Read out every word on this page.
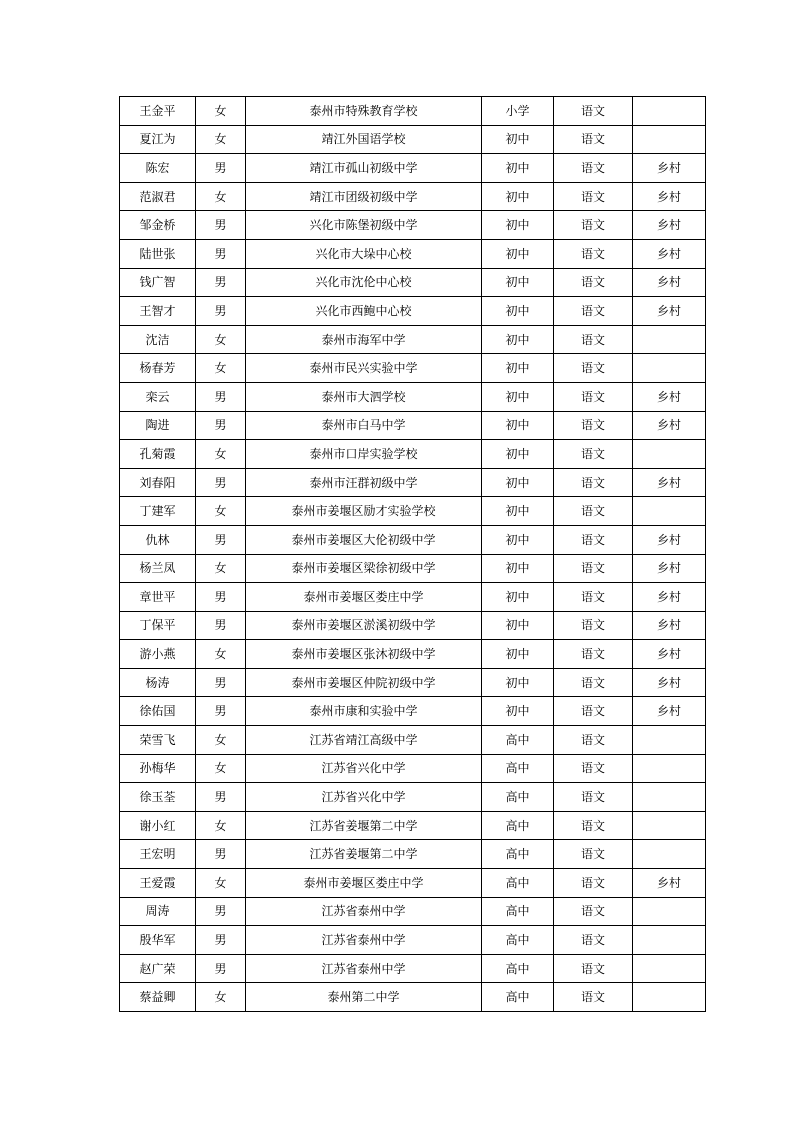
王金平	女	泰州市特殊教育学校	小学	语文	
夏江为	女	靖江外国语学校	初中	语文	
陈宏	男	靖江市孤山初级中学	初中	语文	乡村
范淑君	女	靖江市团级初级中学	初中	语文	乡村
邹金桥	男	兴化市陈堡初级中学	初中	语文	乡村
陆世张	男	兴化市大垛中心校	初中	语文	乡村
钱广智	男	兴化市沈伦中心校	初中	语文	乡村
王智才	男	兴化市西鲍中心校	初中	语文	乡村
沈洁	女	泰州市海军中学	初中	语文	
杨春芳	女	泰州市民兴实验中学	初中	语文	
栾云	男	泰州市大泗学校	初中	语文	乡村
陶进	男	泰州市白马中学	初中	语文	乡村
孔菊霞	女	泰州市口岸实验学校	初中	语文	
刘春阳	男	泰州市汪群初级中学	初中	语文	乡村
丁建军	女	泰州市姜堰区励才实验学校	初中	语文	
仇林	男	泰州市姜堰区大伦初级中学	初中	语文	乡村
杨兰凤	女	泰州市姜堰区梁徐初级中学	初中	语文	乡村
章世平	男	泰州市姜堰区娄庄中学	初中	语文	乡村
丁保平	男	泰州市姜堰区淤溪初级中学	初中	语文	乡村
游小燕	女	泰州市姜堰区张沐初级中学	初中	语文	乡村
杨涛	男	泰州市姜堰区仲院初级中学	初中	语文	乡村
徐佑国	男	泰州市康和实验中学	初中	语文	乡村
荣雪飞	女	江苏省靖江高级中学	高中	语文	
孙梅华	女	江苏省兴化中学	高中	语文	
徐玉荃	男	江苏省兴化中学	高中	语文	
谢小红	女	江苏省姜堰第二中学	高中	语文	
王宏明	男	江苏省姜堰第二中学	高中	语文	
王爱霞	女	泰州市姜堰区娄庄中学	高中	语文	乡村
周涛	男	江苏省泰州中学	高中	语文	
殷华军	男	江苏省泰州中学	高中	语文	
赵广荣	男	江苏省泰州中学	高中	语文	
蔡益卿	女	泰州第二中学	高中	语文	
